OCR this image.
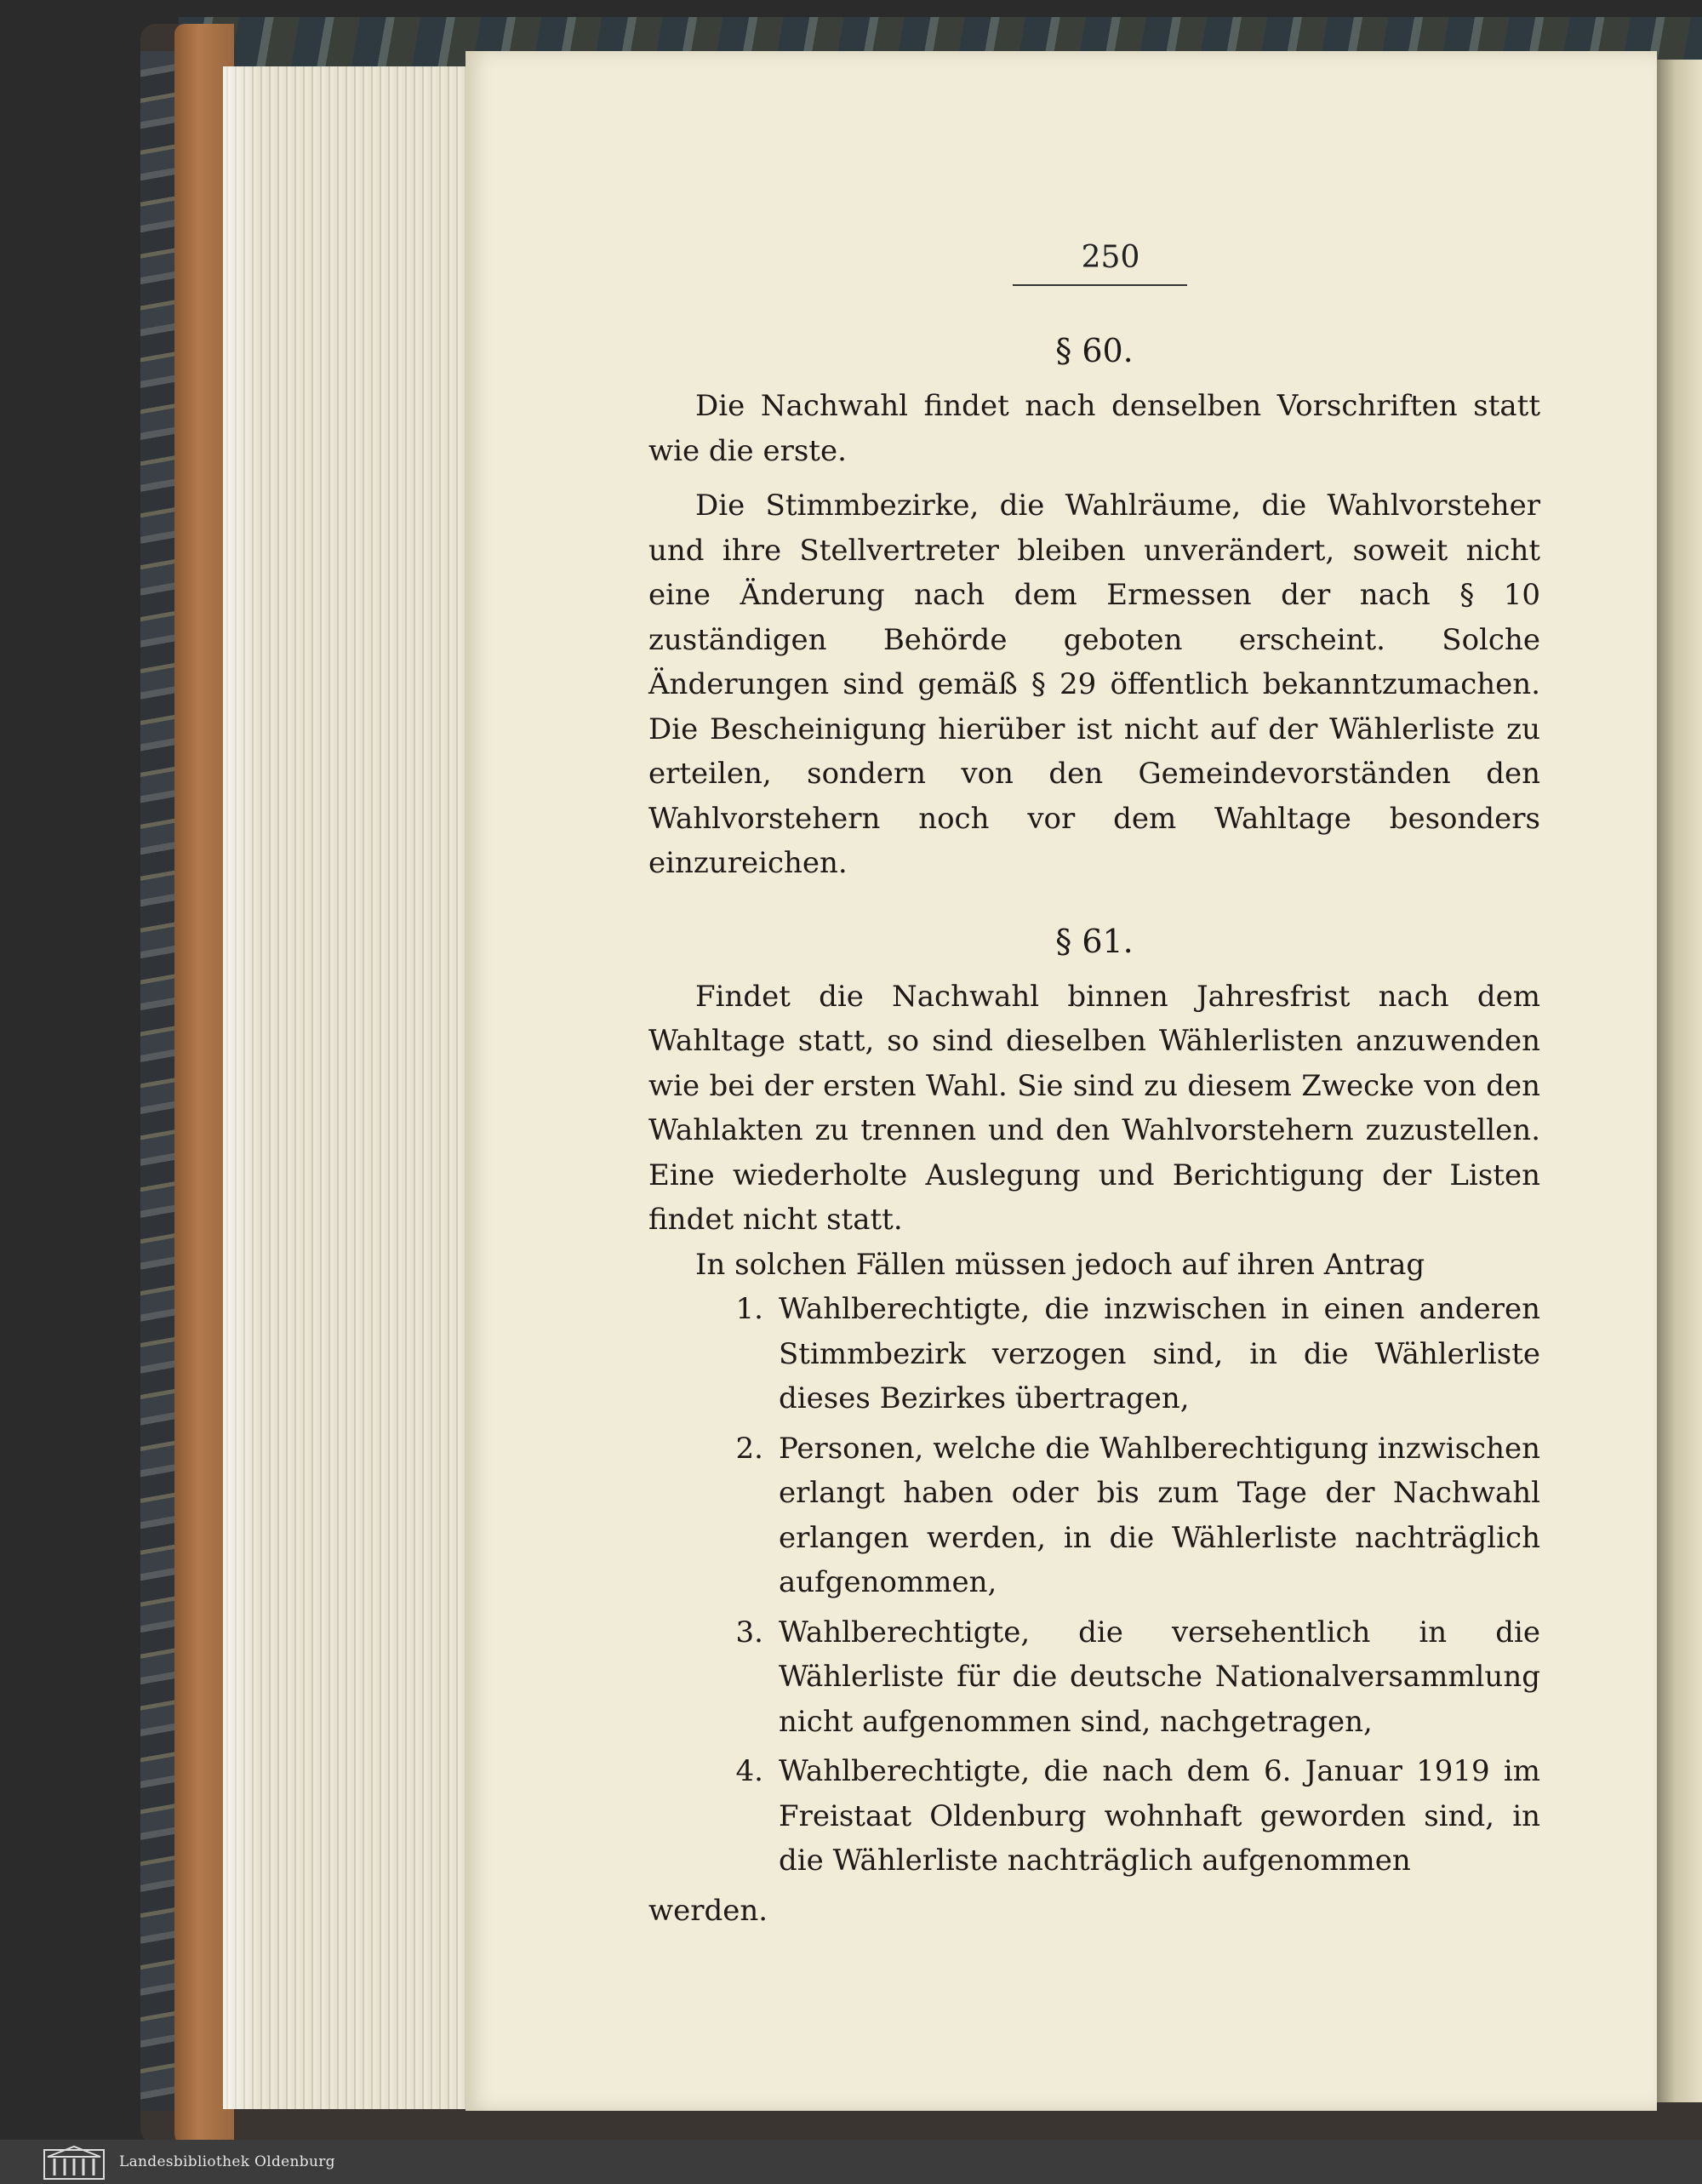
250
§ 60.

Die Nachwahl findet nach denselben Vorschriften statt wie die erste.

Die Stimmbezirke, die Wahlräume, die Wahlvorsteher und ihre Stellvertreter bleiben unverändert, soweit nicht eine Änderung nach dem Ermessen der nach § 10 zuständigen Behörde geboten erscheint. Solche Änderungen sind gemäß § 29 öffentlich bekanntzumachen. Die Bescheinigung hierüber ist nicht auf der Wählerliste zu erteilen, sondern von den Gemeindevorständen den Wahlvorstehern noch vor dem Wahltage besonders einzureichen.

§ 61.

Findet die Nachwahl binnen Jahresfrist nach dem Wahltage statt, so sind dieselben Wählerlisten anzuwenden wie bei der ersten Wahl. Sie sind zu diesem Zwecke von den Wahlakten zu trennen und den Wahlvorstehern zuzustellen. Eine wiederholte Auslegung und Berichtigung der Listen findet nicht statt.

In solchen Fällen müssen jedoch auf ihren Antrag

1. Wahlberechtigte, die inzwischen in einen anderen Stimmbezirk verzogen sind, in die Wählerliste dieses Bezirkes übertragen,
2. Personen, welche die Wahlberechtigung inzwischen erlangt haben oder bis zum Tage der Nachwahl erlangen werden, in die Wählerliste nachträglich aufgenommen,
3. Wahlberechtigte, die versehentlich in die Wählerliste für die deutsche Nationalversammlung nicht aufgenommen sind, nachgetragen,
4. Wahlberechtigte, die nach dem 6. Januar 1919 im Freistaat Oldenburg wohnhaft geworden sind, in die Wählerliste nachträglich aufgenommen

werden.

Landesbibliothek Oldenburg
